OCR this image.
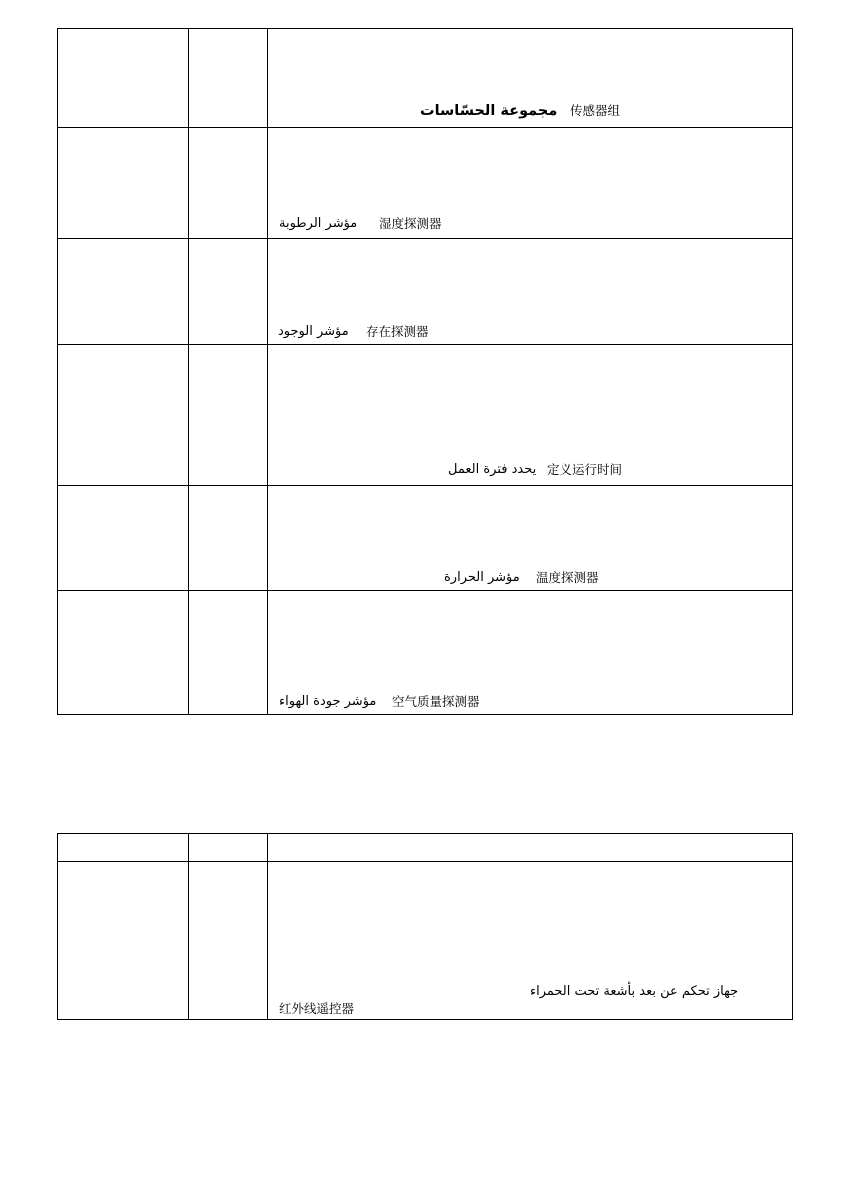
مجموعة الحسّاسات 传感器组
مؤشر الرطوبة 湿度探测器
مؤشر الوجود 存在探测器
يحدد فترة العمل 定义运行时间
مؤشر الحرارة 温度探测器
مؤشر جودة الهواء 空气质量探测器
جهاز تحكم عن بعد بأشعة تحت الحمراء
红外线遥控器
